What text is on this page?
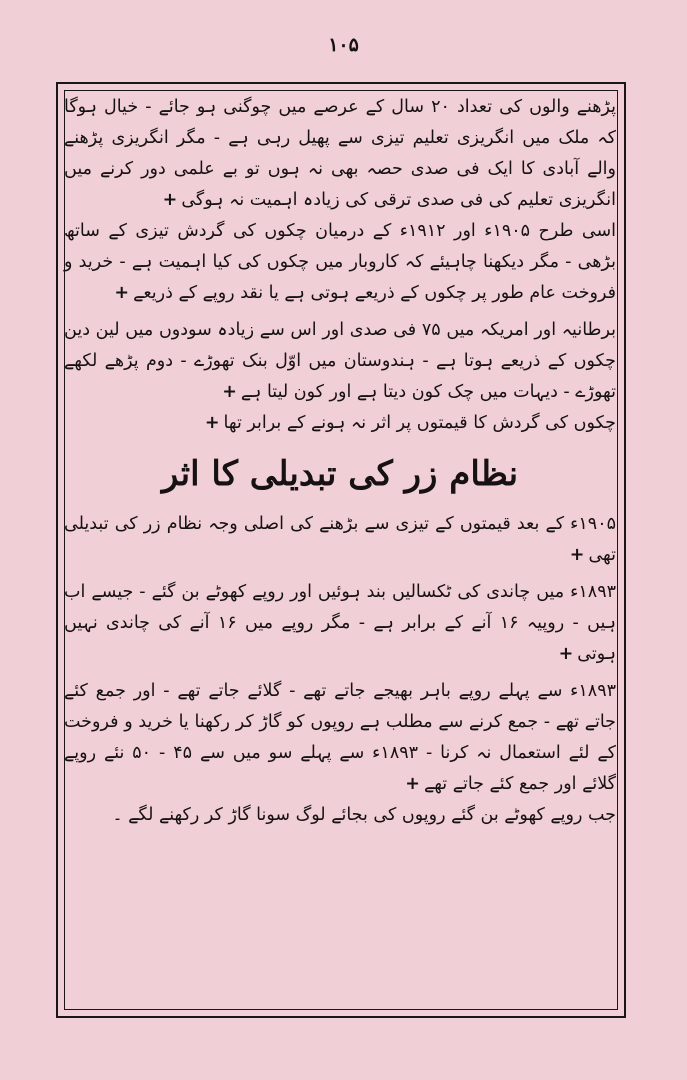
۱۰۵

پڑھنے والوں کی تعداد ۲۰ سال کے عرصے میں چوگنی ہو جائے - خیال ہوگا کہ ملک میں انگریزی تعلیم تیزی سے پھیل رہی ہے - مگر انگریزی پڑھنے والے آبادی کا ایک فی صدی حصہ بھی نہ ہوں تو بے علمی دور کرنے میں انگریزی تعلیم کی فی صدی ترقی کی زیادہ اہمیت نہ ہوگی+

اسی طرح ۱۹۰۵ء اور ۱۹۱۲ء کے درمیان چکوں کی گردش تیزی کے ساتھ بڑھی - مگر دیکھنا چاہیئے کہ کاروبار میں چکوں کی کیا اہمیت ہے - خرید و فروخت عام طور پر چکوں کے ذریعے ہوتی ہے یا نقد روپے کے ذریعے+

برطانیہ اور امریکہ میں ۷۵ فی صدی اور اس سے زیادہ سودوں میں لین دین چکوں کے ذریعے ہوتا ہے - ہندوستان میں اوّل بنک تھوڑے - دوم پڑھے لکھے تھوڑے - دیہات میں چک کون دیتا ہے اور کون لیتا ہے+

چکوں کی گردش کا قیمتوں پر اثر نہ ہونے کے برابر تھا+

نظام زر کی تبدیلی کا اثر

۱۹۰۵ء کے بعد قیمتوں کے تیزی سے بڑھنے کی اصلی وجہ نظام زر کی تبدیلی تھی+

۱۸۹۳ء میں چاندی کی ٹکسالیں بند ہوئیں اور روپے کھوٹے بن گئے - جیسے اب ہیں - روپیہ ۱۶ آنے کے برابر ہے - مگر روپے میں ۱۶ آنے کی چاندی نہیں ہوتی+

۱۸۹۳ء سے پہلے روپے باہر بھیجے جاتے تھے - گلائے جاتے تھے - اور جمع کئے جاتے تھے - جمع کرنے سے مطلب ہے روپوں کو گاڑ کر رکھنا یا خرید و فروخت کے لئے استعمال نہ کرنا - ۱۸۹۳ء سے پہلے سو میں سے ۴۵ - ۵۰ نئے روپے گلائے اور جمع کئے جاتے تھے+

جب روپے کھوٹے بن گئے روپوں کی بجائے لوگ سونا گاڑ کر رکھنے لگے ۔
